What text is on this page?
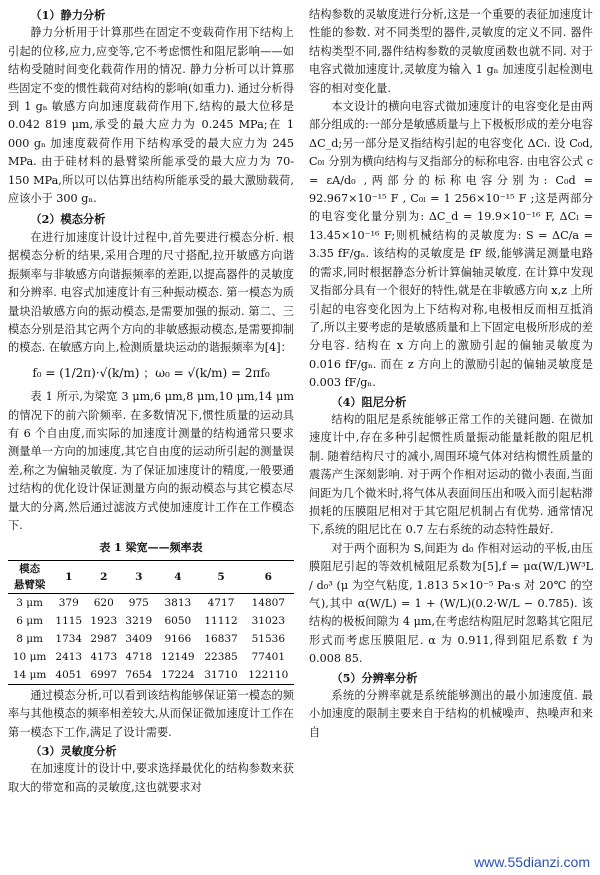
（1）静力分析

静力分析用于计算那些在固定不变载荷作用下结构上引起的位移,应力,应变等,它不考虑惯性和阻尼影响——如结构受随时间变化载荷作用的情况. 静力分析可以计算那些固定不变的惯性载荷对结构的影响(如重力). 通过分析得到 1 gₙ 敏感方向加速度载荷作用下,结构的最大位移是 0.042 819 μm,承受的最大应力为 0.245 MPa;在 1 000 gₙ 加速度载荷作用下结构承受的最大应力为 245 MPa. 由于硅材料的悬臂梁所能承受的最大应力为 70-150 MPa,所以可以估算出结构所能承受的最大激励载荷,应该小于 300 gₙ.

（2）模态分析

在进行加速度计设计过程中,首先要进行模态分析. 根据模态分析的结果,采用合理的尺寸搭配,拉开敏感方向谐振频率与非敏感方向谐振频率的差距,以提高器件的灵敏度和分辨率. 电容式加速度计有三种振动模态. 第一模态为质量块沿敏感方向的振动模态,是需要加强的振动. 第二、三模态分别是沿其它两个方向的非敏感振动模态,是需要抑制的模态. 在敏感方向上,检测质量块运动的谐振频率为[4]：

f₀ = (1/2π)·√(k/m) ；ω₀ = √(k/m) = 2πf₀

表 1 所示,为梁宽 3 μm,6 μm,8 μm,10 μm,14 μm 的情况下的前六阶频率. 在多数情况下,惯性质量的运动具有 6 个自由度,而实际的加速度计测量的结构通常只要求测量单一方向的加速度,其它自由度的运动所引起的测量误差,称之为偏轴灵敏度. 为了保证加速度计的精度,一般要通过结构的优化设计保证测量方向的振动模态与其它模态尽量大的分离,然后通过滤波方式使加速度计工作在工作模态下.

表 1 梁宽——频率表
模态
悬臂梁	1	2	3	4	5	6
3 μm	379	620	975	3813	4717	14807
6 μm	1115	1923	3219	6050	11112	31023
8 μm	1734	2987	3409	9166	16837	51536
10 μm	2413	4173	4718	12149	22385	77401
14 μm	4051	6997	7654	17224	31710	122110

通过模态分析,可以看到该结构能够保证第一模态的频率与其他模态的频率相差较大,从而保证微加速度计工作在第一模态下工作,满足了设计需要.

（3）灵敏度分析

在加速度计的设计中,要求选择最优化的结构参数来获取大的带宽和高的灵敏度,这也就要求对

结构参数的灵敏度进行分析,这是一个重要的表征加速度计性能的参数. 对不同类型的器件,灵敏度的定义不同. 器件结构类型不同,器件结构参数的灵敏度函数也就不同. 对于电容式微加速度计,灵敏度为输入 1 gₙ 加速度引起检测电容的相对变化量.

本文设计的横向电容式微加速度计的电容变化是由两部分组成的:一部分是敏感质量与上下极板形成的差分电容 ΔC_d;另一部分是叉指结构引起的电容变化 ΔCₗ. 设 C₀d, C₀ₗ 分别为横向结构与叉指部分的标称电容. 由电容公式 c = εA/d₀ ,两部分的标称电容分别为: C₀d = 92.967×10⁻¹⁵ F , C₀ₗ = 1 256×10⁻¹⁵ F ;这是两部分的电容变化量分别为: ΔC_d = 19.9×10⁻¹⁶ F, ΔCₗ = 13.45×10⁻¹⁶ F;则机械结构的灵敏度为: S = ΔC/a = 3.35 fF/gₙ. 该结构的灵敏度是 fF 级,能够满足测量电路的需求,同时根据静态分析计算偏轴灵敏度. 在计算中发现叉指部分具有一个很好的特性,就是在非敏感方向 x,z 上所引起的电容变化因为上下结构对称,电极相反而相互抵消了,所以主要考虑的是敏感质量和上下固定电极所形成的差分电容. 结构在 x 方向上的激励引起的偏轴灵敏度为 0.016 fF/gₙ. 而在 z 方向上的激励引起的偏轴灵敏度是 0.003 fF/gₙ.

（4）阻尼分析

结构的阻尼是系统能够正常工作的关键问题. 在微加速度计中,存在多种引起惯性质量振动能量耗散的阻尼机制. 随着结构尺寸的减小,周围环境气体对结构惯性质量的震荡产生深刻影响. 对于两个作相对运动的微小表面,当面间距为几个微米时,将气体从表面间压出和吸入而引起粘滞损耗的压膜阻尼相对于其它阻尼机制占有优势. 通常情况下,系统的阻尼比在 0.7 左右系统的动态特性最好.

对于两个面积为 S,间距为 d₀ 作相对运动的平板,由压膜阻尼引起的等效机械阻尼系数为[5],f = μα(W/L)W³L / d₀³ (μ 为空气粘度, 1.813 5×10⁻⁵ Pa·s 对 20℃ 的空气),其中 α(W/L) = 1 + (W/L)(0.2·W/L − 0.785). 该结构的极板间隙为 4 μm,在考虑结构阻尼时忽略其它阻尼形式而考虑压膜阻尼. α 为 0.911,得到阻尼系数 f 为 0.008 85.

（5）分辨率分析

系统的分辨率就是系统能够测出的最小加速度值. 最小加速度的限制主要来自于结构的机械噪声、热噪声和来自

www.55dianzi.com
